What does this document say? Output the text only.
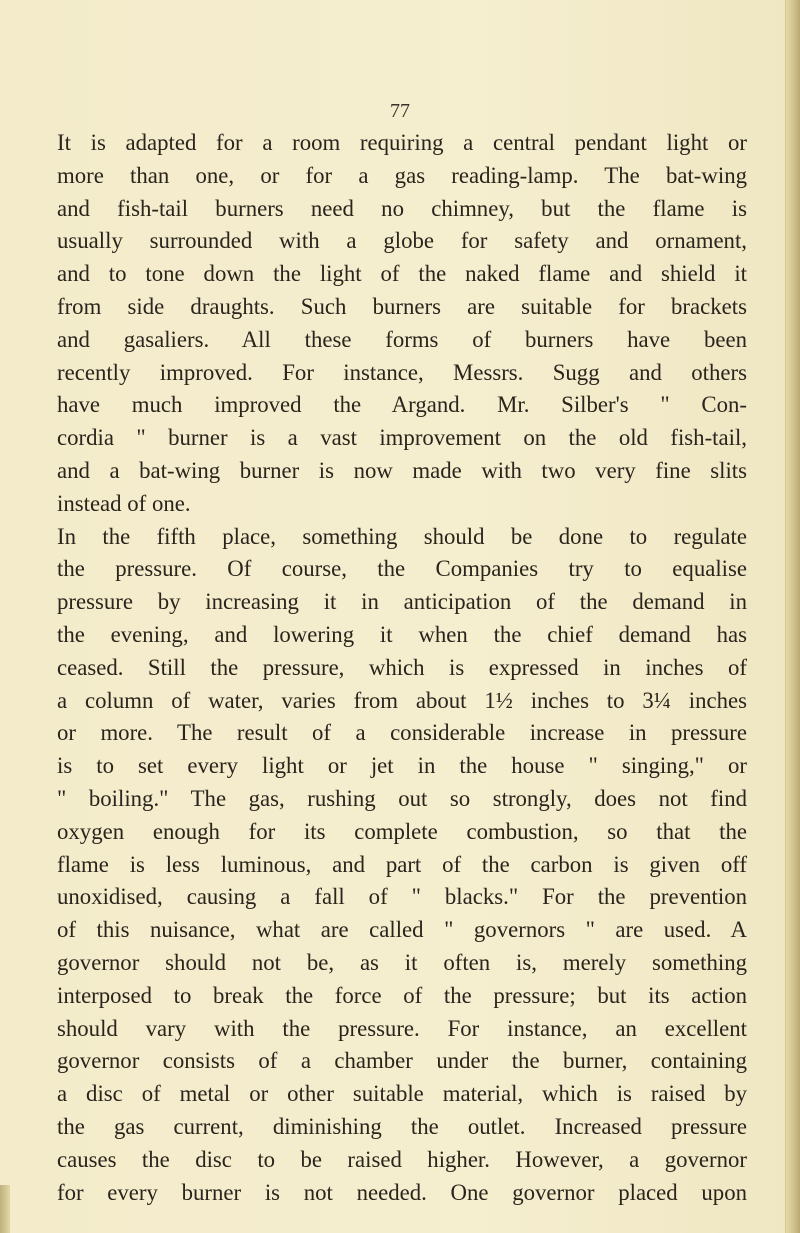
77
It is adapted for a room requiring a central pendant light or
more than one, or for a gas reading-lamp. The bat-wing
and fish-tail burners need no chimney, but the flame is
usually surrounded with a globe for safety and ornament,
and to tone down the light of the naked flame and shield it
from side draughts. Such burners are suitable for brackets
and gasaliers. All these forms of burners have been
recently improved. For instance, Messrs. Sugg and others
have much improved the Argand. Mr. Silber's " Con-
cordia " burner is a vast improvement on the old fish-tail,
and a bat-wing burner is now made with two very fine slits
instead of one.
In the fifth place, something should be done to regulate
the pressure. Of course, the Companies try to equalise
pressure by increasing it in anticipation of the demand in
the evening, and lowering it when the chief demand has
ceased. Still the pressure, which is expressed in inches of
a column of water, varies from about 1½ inches to 3¼ inches
or more. The result of a considerable increase in pressure
is to set every light or jet in the house " singing," or
" boiling." The gas, rushing out so strongly, does not find
oxygen enough for its complete combustion, so that the
flame is less luminous, and part of the carbon is given off
unoxidised, causing a fall of " blacks." For the prevention
of this nuisance, what are called " governors " are used. A
governor should not be, as it often is, merely something
interposed to break the force of the pressure; but its action
should vary with the pressure. For instance, an excellent
governor consists of a chamber under the burner, containing
a disc of metal or other suitable material, which is raised by
the gas current, diminishing the outlet. Increased pressure
causes the disc to be raised higher. However, a governor
for every burner is not needed. One governor placed upon
